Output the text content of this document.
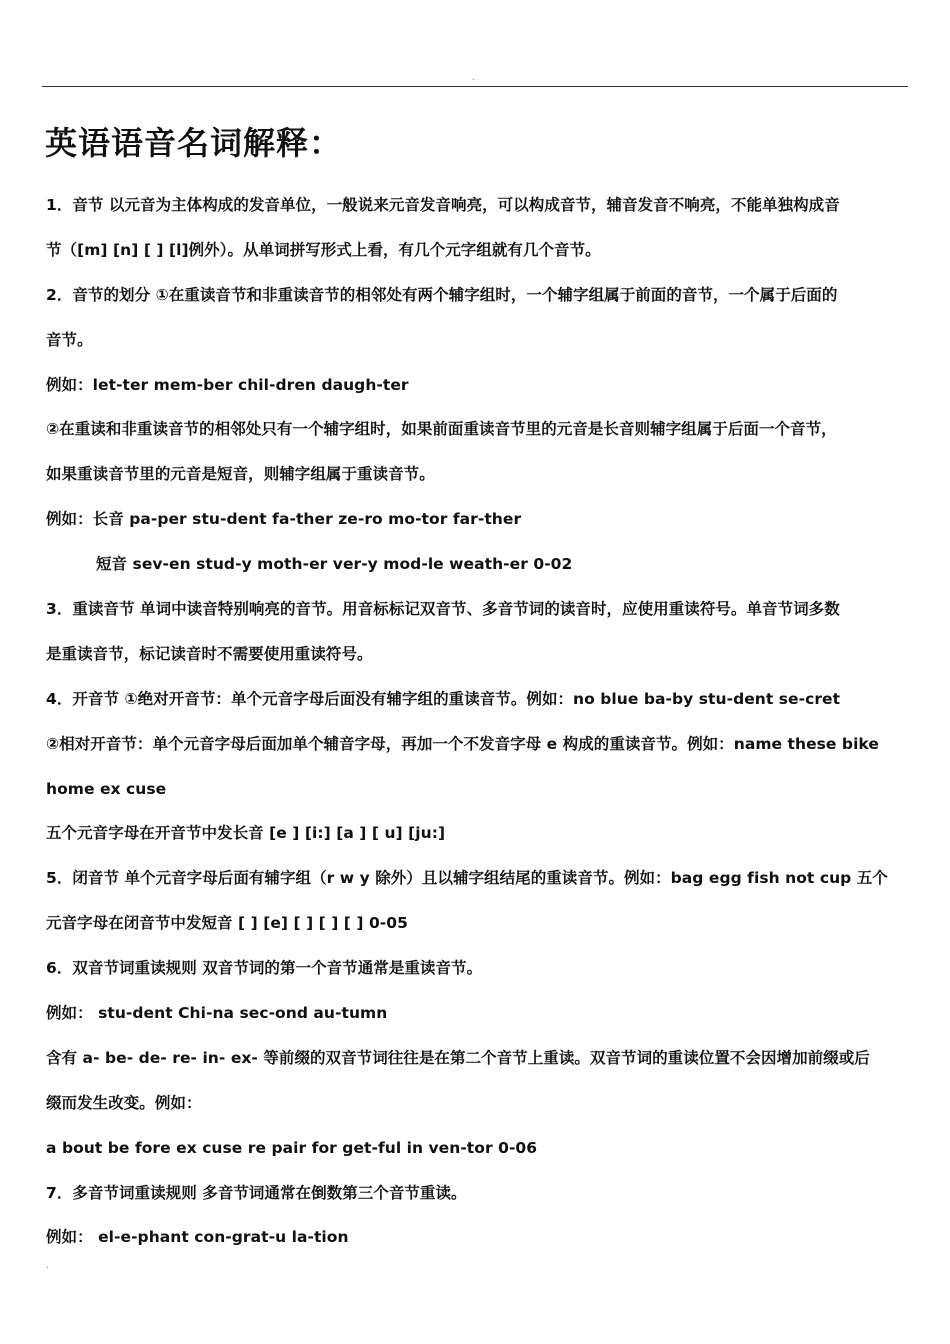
.
英语语音名词解释：
1．音节 以元音为主体构成的发音单位，一般说来元音发音响亮，可以构成音节，辅音发音不响亮，不能单独构成音
节（[m] [n] [ ] [l]例外）。从单词拼写形式上看，有几个元字组就有几个音节。
2．音节的划分 ①在重读音节和非重读音节的相邻处有两个辅字组时，一个辅字组属于前面的音节，一个属于后面的
音节。
例如：let-ter mem-ber chil-dren daugh-ter
②在重读和非重读音节的相邻处只有一个辅字组时，如果前面重读音节里的元音是长音则辅字组属于后面一个音节，
如果重读音节里的元音是短音，则辅字组属于重读音节。
例如：长音 pa-per stu-dent fa-ther ze-ro mo-tor far-ther
短音 sev-en stud-y moth-er ver-y mod-le weath-er 0-02
3．重读音节 单词中读音特别响亮的音节。用音标标记双音节、多音节词的读音时，应使用重读符号。单音节词多数
是重读音节，标记读音时不需要使用重读符号。
4．开音节 ①绝对开音节：单个元音字母后面没有辅字组的重读音节。例如：no blue ba-by stu-dent se-cret
②相对开音节：单个元音字母后面加单个辅音字母，再加一个不发音字母 e 构成的重读音节。例如：name these bike
home ex cuse
五个元音字母在开音节中发长音 [e ] [i:] [a ] [ u] [ju:]
5．闭音节 单个元音字母后面有辅字组（r w y 除外）且以辅字组结尾的重读音节。例如：bag egg fish not cup 五个
元音字母在闭音节中发短音 [ ] [e] [ ] [ ] [ ] 0-05
6．双音节词重读规则 双音节词的第一个音节通常是重读音节。
例如： stu-dent Chi-na sec-ond au-tumn
含有 a- be- de- re- in- ex- 等前缀的双音节词往往是在第二个音节上重读。双音节词的重读位置不会因增加前缀或后
缀而发生改变。例如：
a bout be fore ex cuse re pair for get-ful in ven-tor 0-06
7．多音节词重读规则 多音节词通常在倒数第三个音节重读。
例如： el-e-phant con-grat-u la-tion
.
